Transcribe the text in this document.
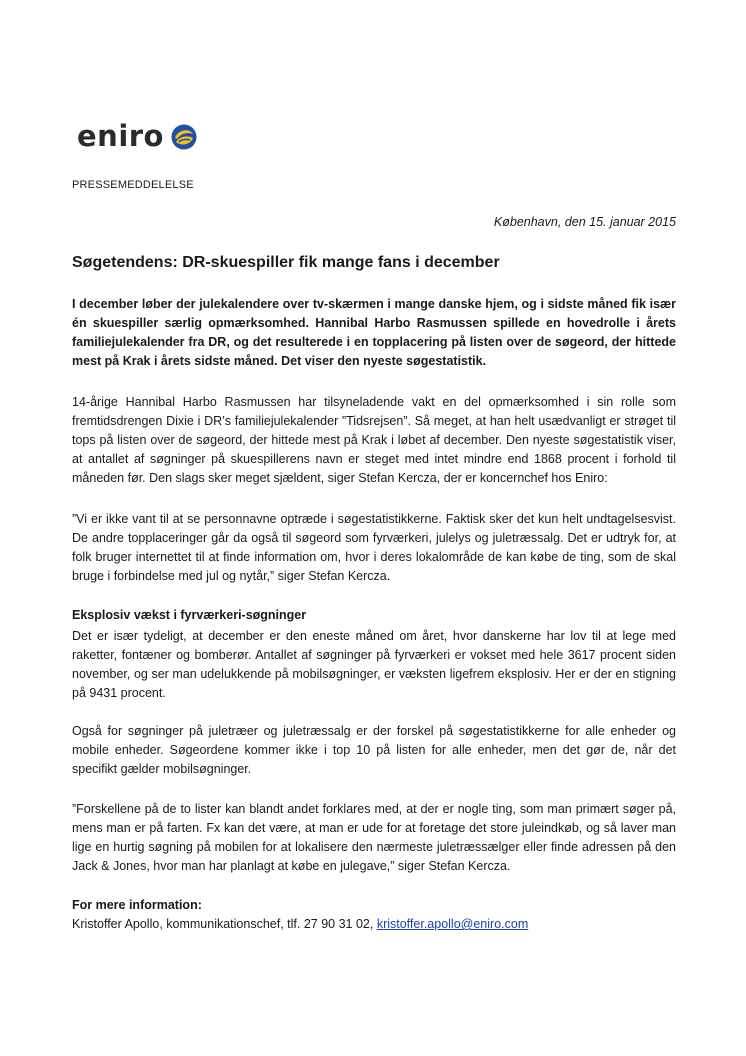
eniro
PRESSEMEDDELELSE
København, den 15. januar 2015
Søgetendens: DR-skuespiller fik mange fans i december

I december løber der julekalendere over tv-skærmen i mange danske hjem, og i sidste måned fik især én skuespiller særlig opmærksomhed. Hannibal Harbo Rasmussen spillede en hovedrolle i årets familiejulekalender fra DR, og det resulterede i en topplacering på listen over de søgeord, der hittede mest på Krak i årets sidste måned. Det viser den nyeste søgestatistik.

14-årige Hannibal Harbo Rasmussen har tilsyneladende vakt en del opmærksomhed i sin rolle som fremtidsdrengen Dixie i DR’s familiejulekalender ”Tidsrejsen”. Så meget, at han helt usædvanligt er strøget til tops på listen over de søgeord, der hittede mest på Krak i løbet af december. Den nyeste søgestatistik viser, at antallet af søgninger på skuespillerens navn er steget med intet mindre end 1868 procent i forhold til måneden før. Den slags sker meget sjældent, siger Stefan Kercza, der er koncernchef hos Eniro:

”Vi er ikke vant til at se personnavne optræde i søgestatistikkerne. Faktisk sker det kun helt undtagelsesvist. De andre topplaceringer går da også til søgeord som fyrværkeri, julelys og juletræssalg. Det er udtryk for, at folk bruger internettet til at finde information om, hvor i deres lokalområde de kan købe de ting, som de skal bruge i forbindelse med jul og nytår,” siger Stefan Kercza.

Eksplosiv vækst i fyrværkeri-søgninger

Det er især tydeligt, at december er den eneste måned om året, hvor danskerne har lov til at lege med raketter, fontæner og bomberør. Antallet af søgninger på fyrværkeri er vokset med hele 3617 procent siden november, og ser man udelukkende på mobilsøgninger, er væksten ligefrem eksplosiv. Her er der en stigning på 9431 procent.

Også for søgninger på juletræer og juletræssalg er der forskel på søgestatistikkerne for alle enheder og mobile enheder. Søgeordene kommer ikke i top 10 på listen for alle enheder, men det gør de, når det specifikt gælder mobilsøgninger.

”Forskellene på de to lister kan blandt andet forklares med, at der er nogle ting, som man primært søger på, mens man er på farten. Fx kan det være, at man er ude for at foretage det store juleindkøb, og så laver man lige en hurtig søgning på mobilen for at lokalisere den nærmeste juletræssælger eller finde adressen på den Jack & Jones, hvor man har planlagt at købe en julegave,” siger Stefan Kercza.

For mere information:

Kristoffer Apollo, kommunikationschef, tlf. 27 90 31 02, kristoffer.apollo@eniro.com
